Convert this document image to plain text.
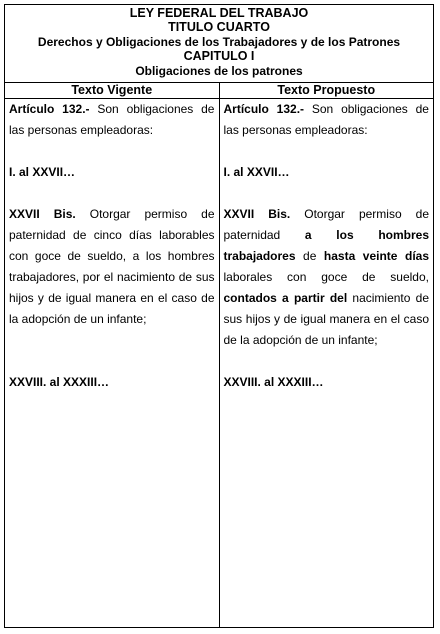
LEY FEDERAL DEL TRABAJO
TITULO CUARTO
Derechos y Obligaciones de los Trabajadores y de los Patrones
CAPITULO I
Obligaciones de los patrones
Texto Vigente	Texto Propuesto

Artículo 132.- Son obligaciones de las personas empleadoras:

I. al XXVII…

XXVII Bis. Otorgar permiso de paternidad de cinco días laborables con goce de sueldo, a los hombres trabajadores, por el nacimiento de sus hijos y de igual manera en el caso de la adopción de un infante;

XXVIII. al XXXIII…

Artículo 132.- Son obligaciones de las personas empleadoras:

I. al XXVII…

XXVII Bis. Otorgar permiso de paternidad a los hombres trabajadores de hasta veinte días laborales con goce de sueldo, contados a partir del nacimiento de sus hijos y de igual manera en el caso de la adopción de un infante;

XXVIII. al XXXIII…
